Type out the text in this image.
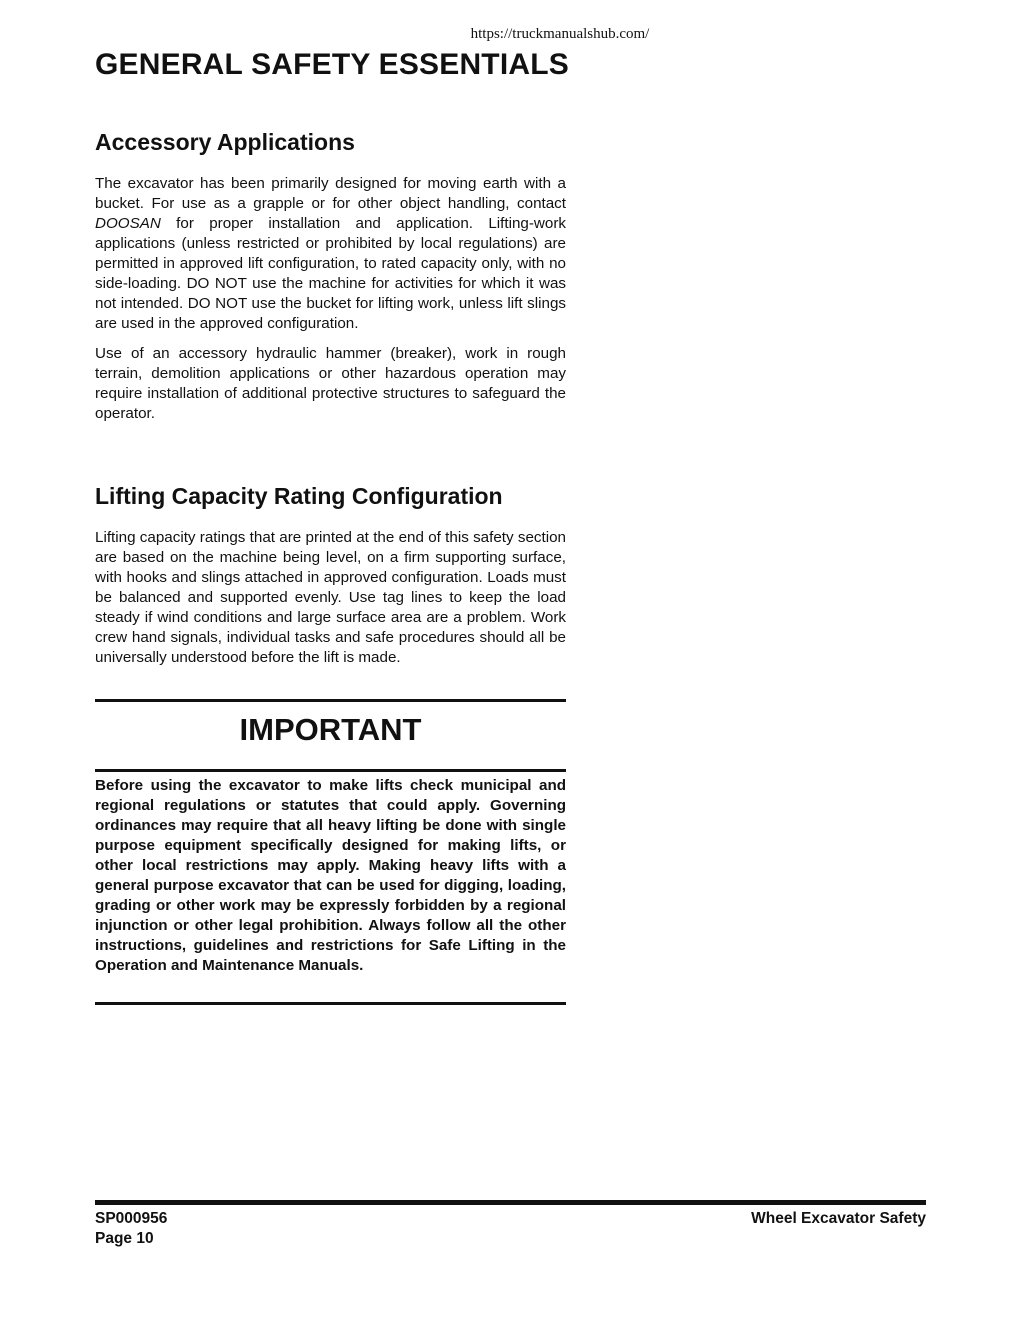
https://truckmanualshub.com/
GENERAL SAFETY ESSENTIALS
Accessory Applications

The excavator has been primarily designed for moving earth with a bucket. For use as a grapple or for other object handling, contact DOOSAN for proper installation and application. Lifting-work applications (unless restricted or prohibited by local regulations) are permitted in approved lift configuration, to rated capacity only, with no side-loading. DO NOT use the machine for activities for which it was not intended. DO NOT use the bucket for lifting work, unless lift slings are used in the approved configuration.

Use of an accessory hydraulic hammer (breaker), work in rough terrain, demolition applications or other hazardous operation may require installation of additional protective structures to safeguard the operator.

Lifting Capacity Rating Configuration

Lifting capacity ratings that are printed at the end of this safety section are based on the machine being level, on a firm supporting surface, with hooks and slings attached in approved configuration. Loads must be balanced and supported evenly. Use tag lines to keep the load steady if wind conditions and large surface area are a problem. Work crew hand signals, individual tasks and safe procedures should all be universally understood before the lift is made.

IMPORTANT

Before using the excavator to make lifts check municipal and regional regulations or statutes that could apply. Governing ordinances may require that all heavy lifting be done with single purpose equipment specifically designed for making lifts, or other local restrictions may apply. Making heavy lifts with a general purpose excavator that can be used for digging, loading, grading or other work may be expressly forbidden by a regional injunction or other legal prohibition. Always follow all the other instructions, guidelines and restrictions for Safe Lifting in the Operation and Maintenance Manuals.

SP000956
Page 10
Wheel Excavator Safety
